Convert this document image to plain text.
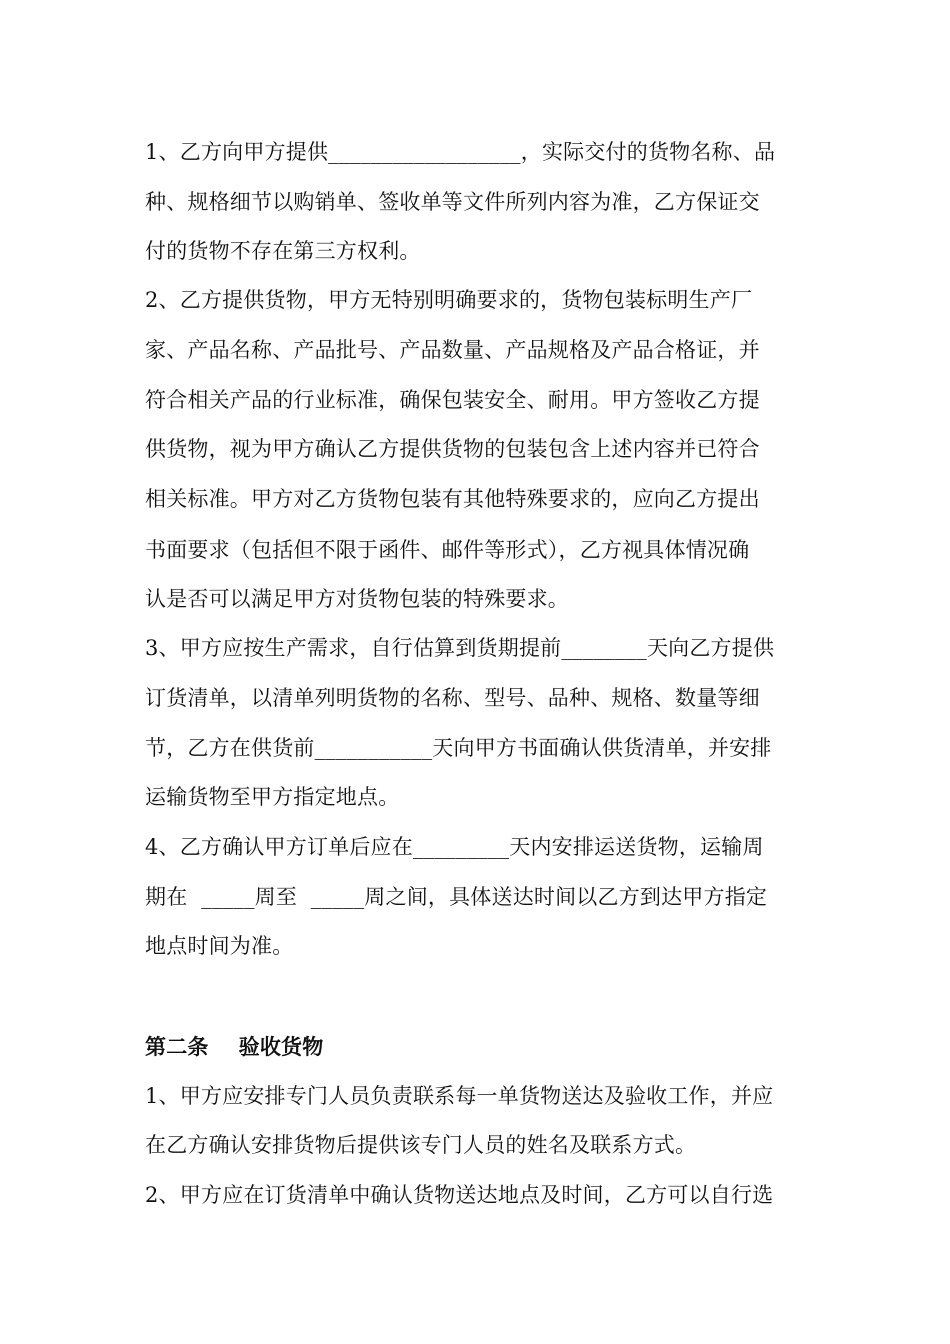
1、乙方向甲方提供__________________，实际交付的货物名称、品
种、规格细节以购销单、签收单等文件所列内容为准，乙方保证交
付的货物不存在第三方权利。
2、乙方提供货物，甲方无特别明确要求的，货物包装标明生产厂
家、产品名称、产品批号、产品数量、产品规格及产品合格证，并
符合相关产品的行业标准，确保包装安全、耐用。甲方签收乙方提
供货物，视为甲方确认乙方提供货物的包装包含上述内容并已符合
相关标准。甲方对乙方货物包装有其他特殊要求的，应向乙方提出
书面要求（包括但不限于函件、邮件等形式），乙方视具体情况确
认是否可以满足甲方对货物包装的特殊要求。
3、甲方应按生产需求，自行估算到货期提前________天向乙方提供
订货清单，以清单列明货物的名称、型号、品种、规格、数量等细
节，乙方在供货前___________天向甲方书面确认供货清单，并安排
运输货物至甲方指定地点。
4、乙方确认甲方订单后应在_________天内安排运送货物，运输周
期在  _____周至  _____周之间，具体送达时间以乙方到达甲方指定
地点时间为准。
第二条    验收货物
1、甲方应安排专门人员负责联系每一单货物送达及验收工作，并应
在乙方确认安排货物后提供该专门人员的姓名及联系方式。
2、甲方应在订货清单中确认货物送达地点及时间，乙方可以自行选
